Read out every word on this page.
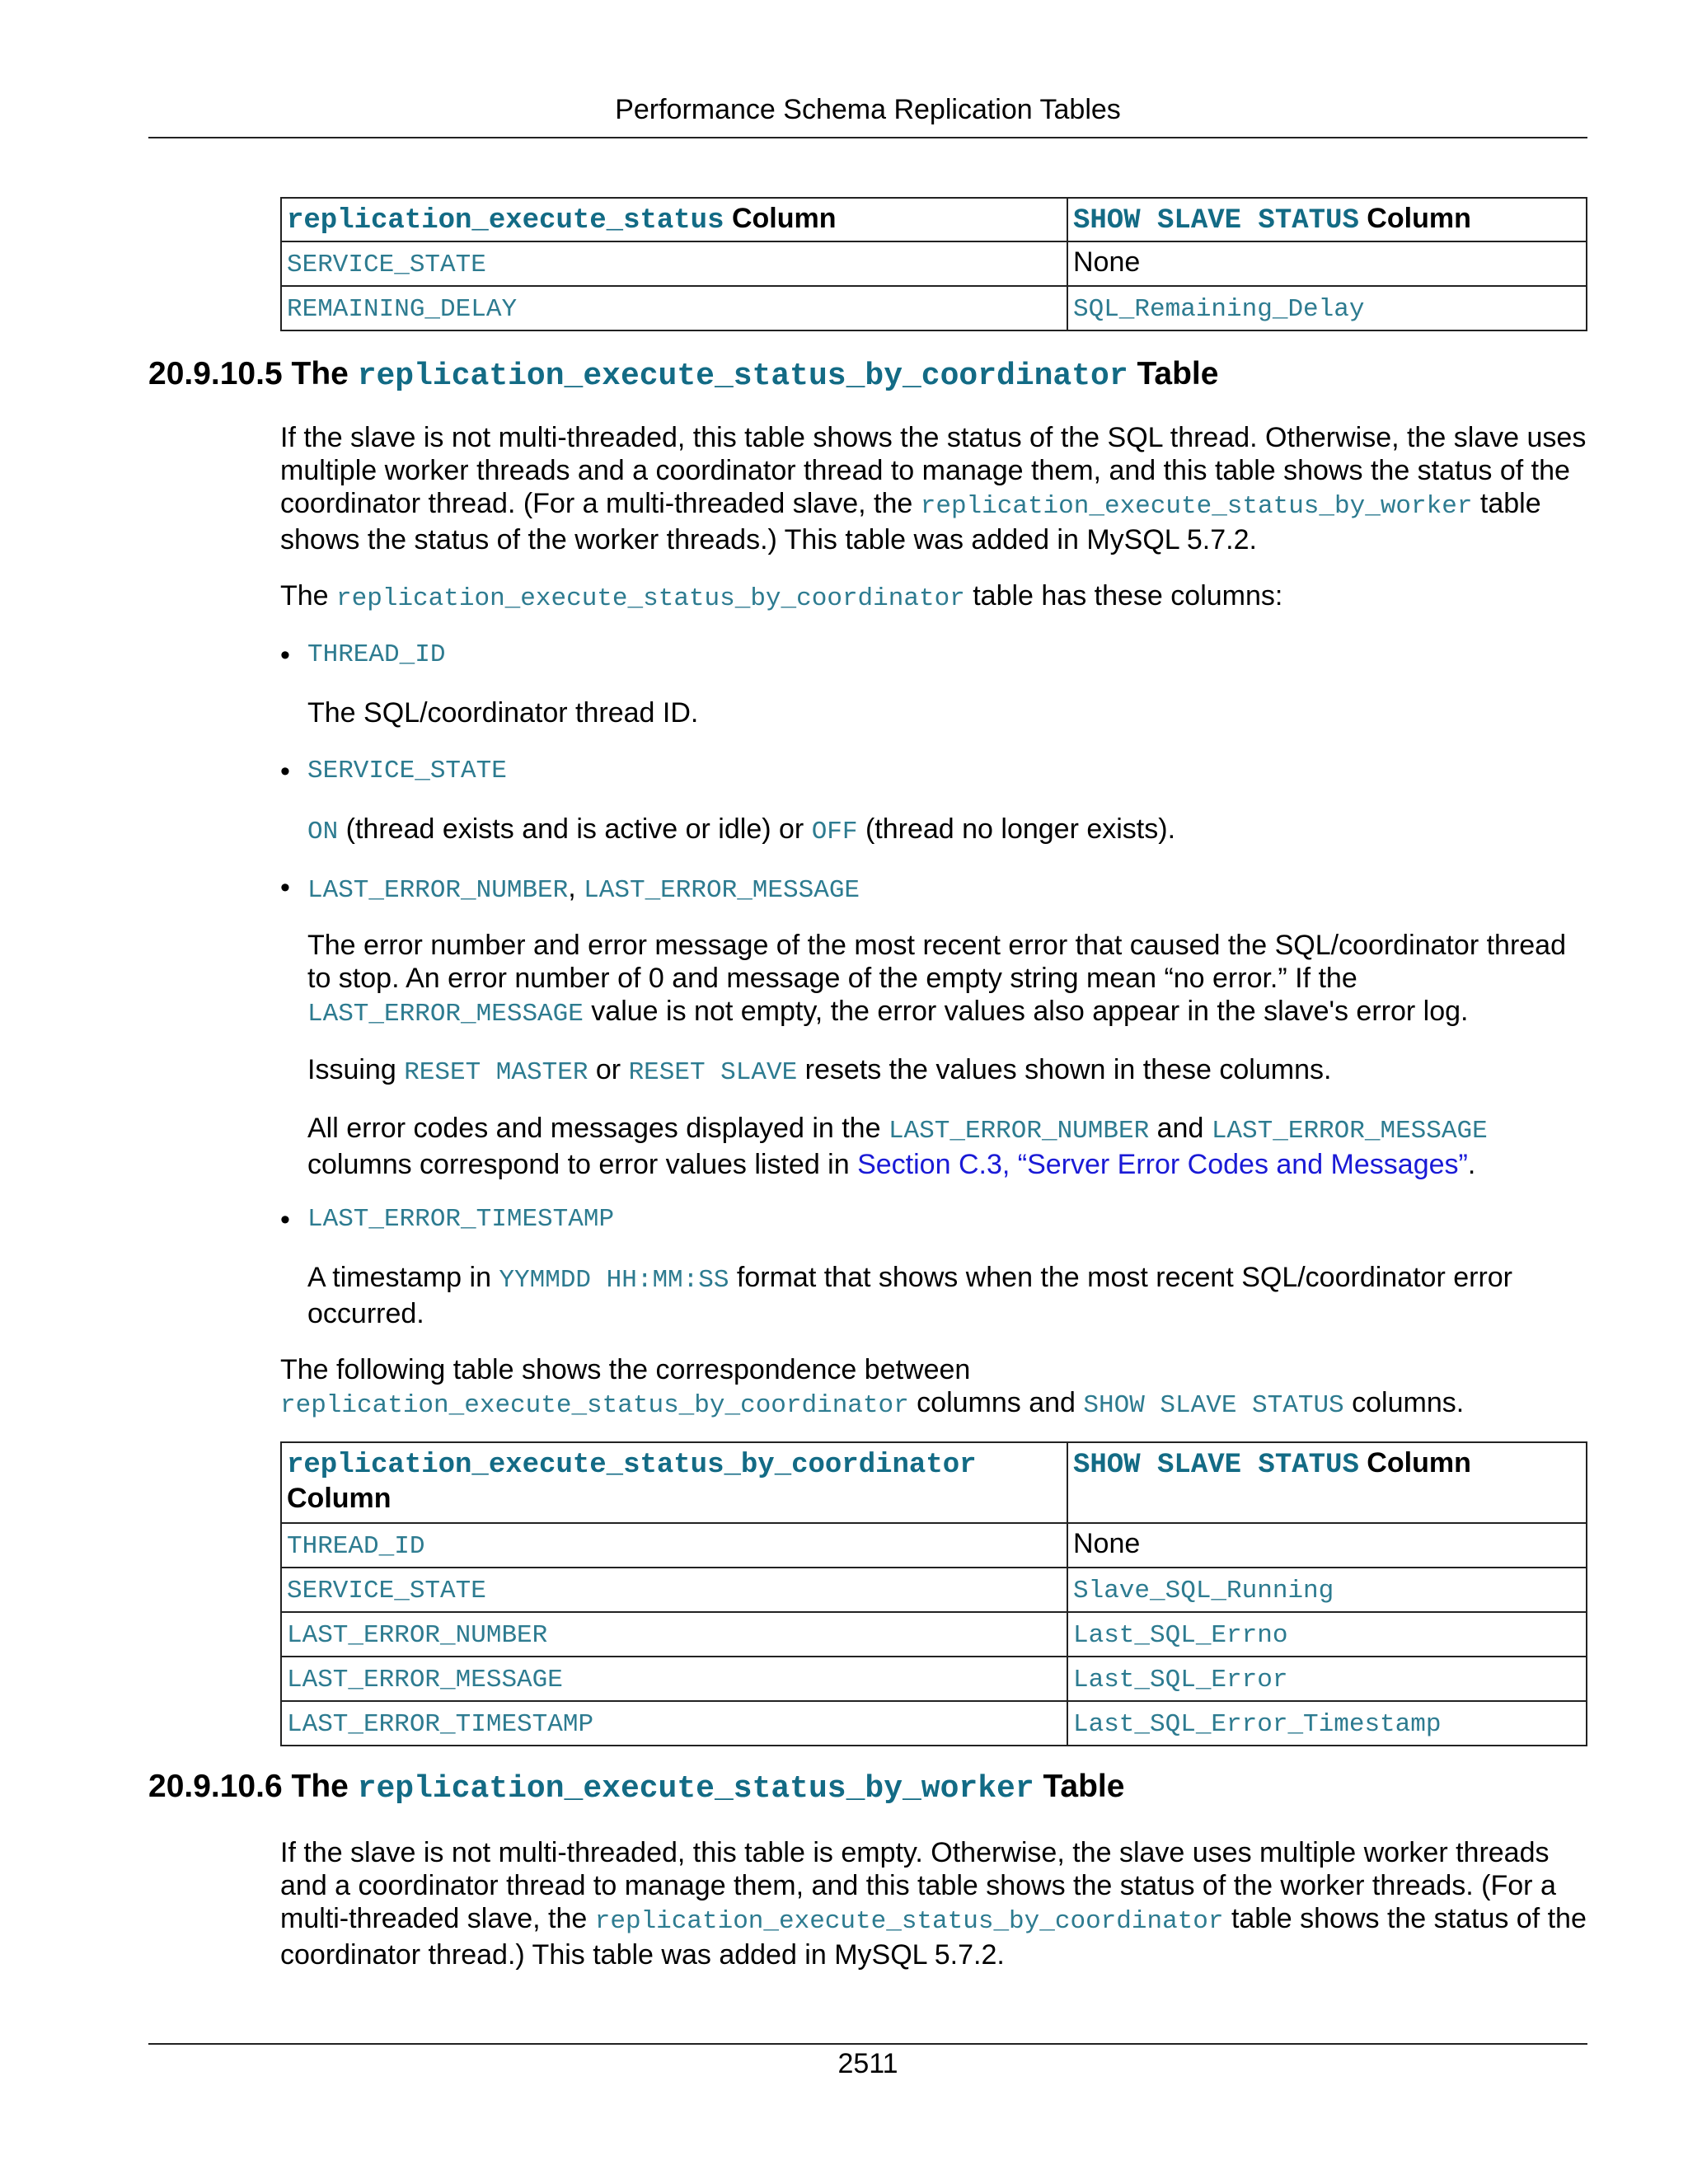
Performance Schema Replication Tables
replication_execute_status Column	SHOW SLAVE STATUS Column
SERVICE_STATE	None
REMAINING_DELAY	SQL_Remaining_Delay
20.9.10.5 The replication_execute_status_by_coordinator Table

If the slave is not multi-threaded, this table shows the status of the SQL thread. Otherwise, the slave uses multiple worker threads and a coordinator thread to manage them, and this table shows the status of the coordinator thread. (For a multi-threaded slave, the replication_execute_status_by_worker table shows the status of the worker threads.) This table was added in MySQL 5.7.2.

The replication_execute_status_by_coordinator table has these columns:

• THREAD_ID

The SQL/coordinator thread ID.

• SERVICE_STATE

ON (thread exists and is active or idle) or OFF (thread no longer exists).

• LAST_ERROR_NUMBER, LAST_ERROR_MESSAGE

The error number and error message of the most recent error that caused the SQL/coordinator thread to stop. An error number of 0 and message of the empty string mean “no error.” If the LAST_ERROR_MESSAGE value is not empty, the error values also appear in the slave's error log.

Issuing RESET MASTER or RESET SLAVE resets the values shown in these columns.

All error codes and messages displayed in the LAST_ERROR_NUMBER and LAST_ERROR_MESSAGE
columns correspond to error values listed in Section C.3, “Server Error Codes and Messages”.

• LAST_ERROR_TIMESTAMP

A timestamp in YYMMDD HH:MM:SS format that shows when the most recent SQL/coordinator error occurred.

The following table shows the correspondence between
replication_execute_status_by_coordinator columns and SHOW SLAVE STATUS columns.

replication_execute_status_by_coordinator
Column	SHOW SLAVE STATUS Column
THREAD_ID	None
SERVICE_STATE	Slave_SQL_Running
LAST_ERROR_NUMBER	Last_SQL_Errno
LAST_ERROR_MESSAGE	Last_SQL_Error
LAST_ERROR_TIMESTAMP	Last_SQL_Error_Timestamp
20.9.10.6 The replication_execute_status_by_worker Table

If the slave is not multi-threaded, this table is empty. Otherwise, the slave uses multiple worker threads and a coordinator thread to manage them, and this table shows the status of the worker threads. (For a multi-threaded slave, the replication_execute_status_by_coordinator table shows the status of the coordinator thread.) This table was added in MySQL 5.7.2.

2511
